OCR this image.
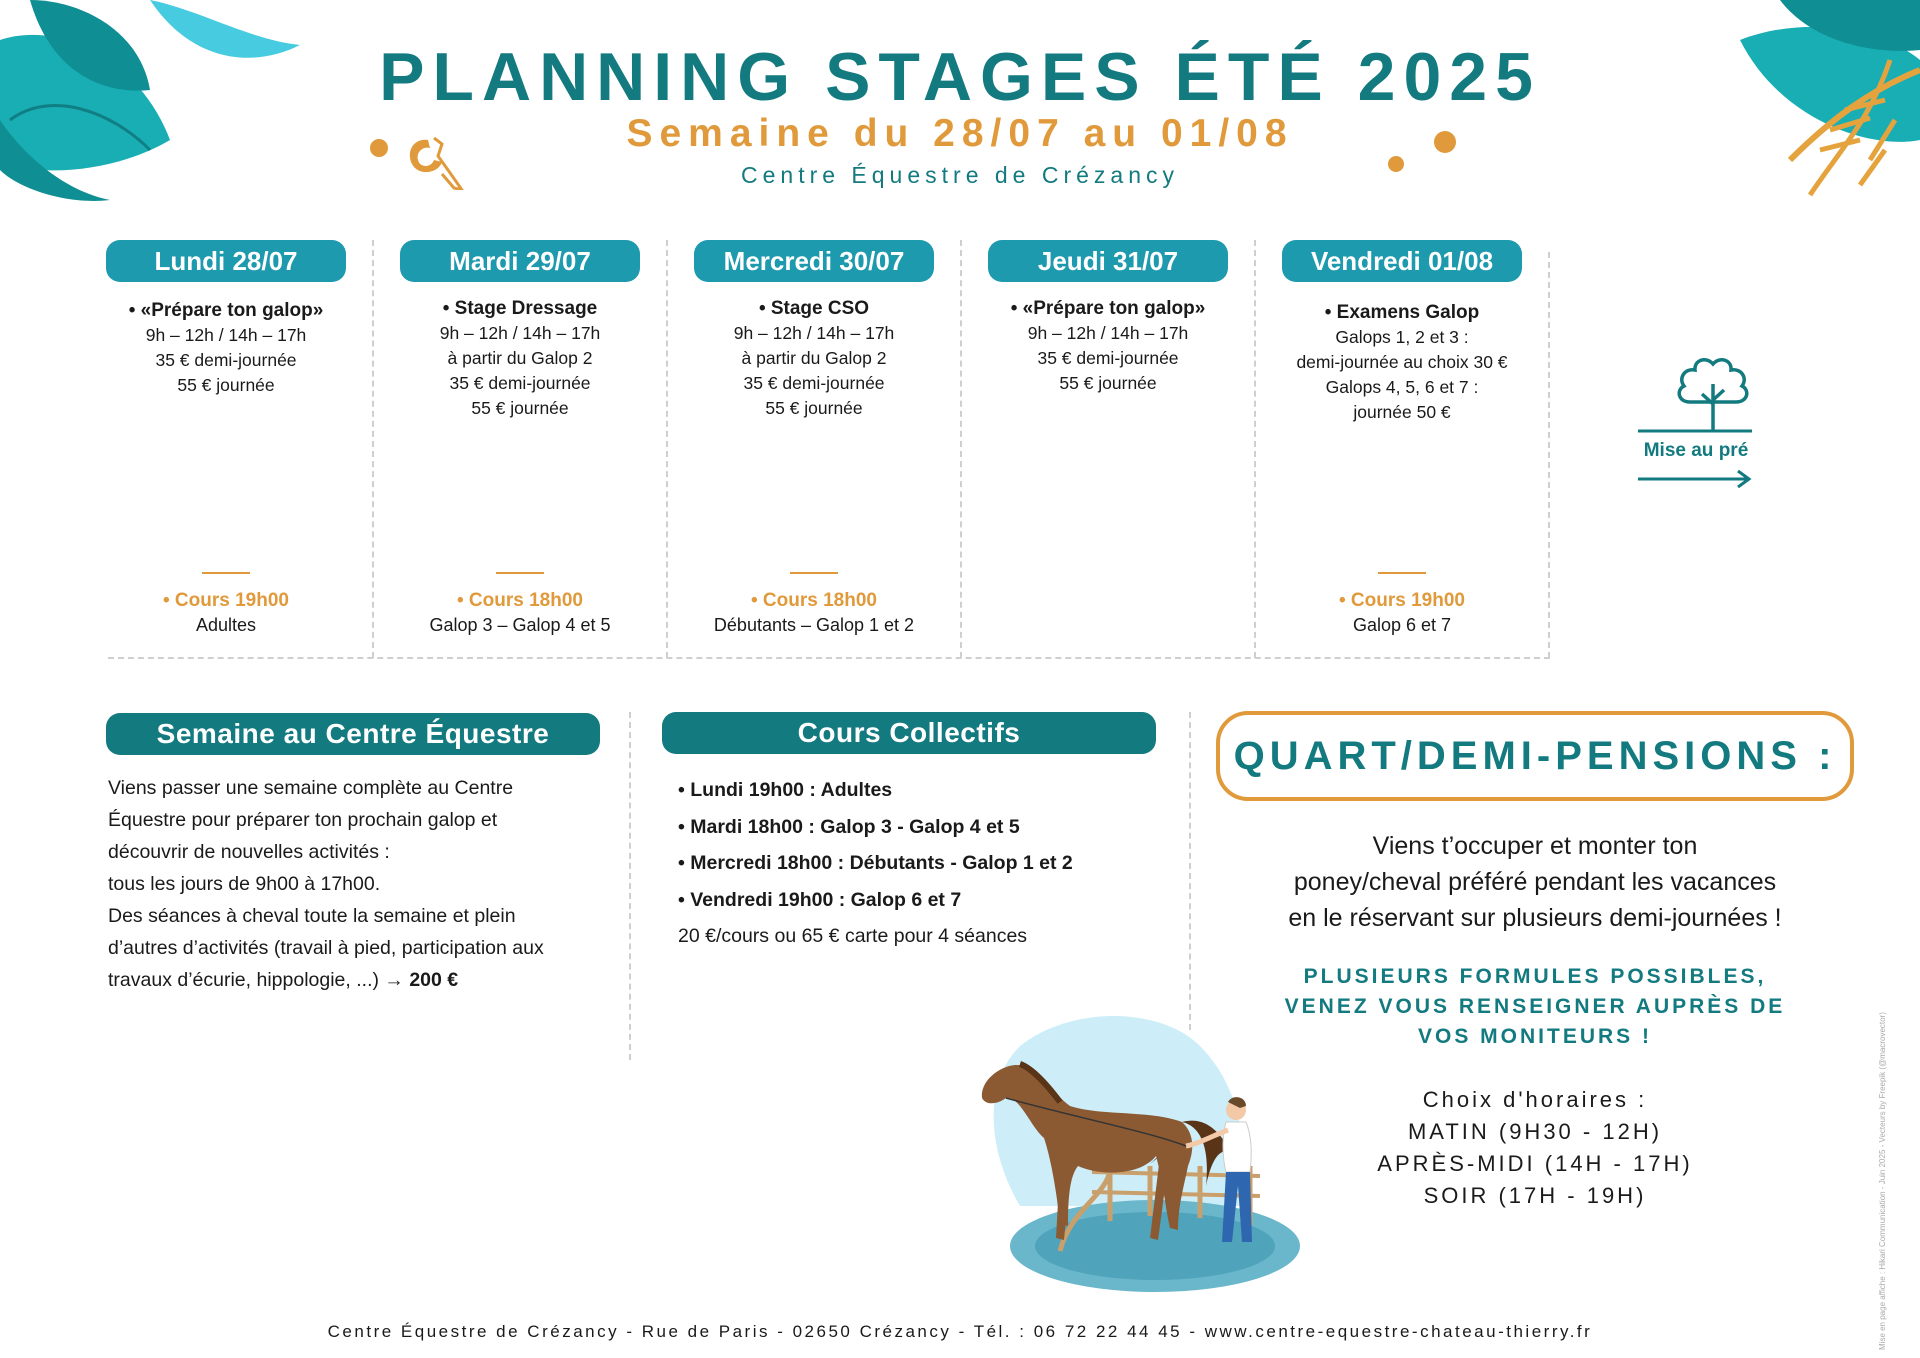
PLANNING STAGES ÉTÉ 2025
Semaine du 28/07 au 01/08
Centre Équestre de Crézancy
Lundi 28/07
• «Prépare ton galop»
9h – 12h / 14h – 17h
35 € demi-journée
55 € journée
• Cours 19h00
Adultes
Mardi 29/07
• Stage Dressage
9h – 12h / 14h – 17h
à partir du Galop 2
35 € demi-journée
55 € journée
• Cours 18h00
Galop 3 – Galop 4 et 5
Mercredi 30/07
• Stage CSO
9h – 12h / 14h – 17h
à partir du Galop 2
35 € demi-journée
55 € journée
• Cours 18h00
Débutants – Galop 1 et 2
Jeudi 31/07
• «Prépare ton galop»
9h – 12h / 14h – 17h
35 € demi-journée
55 € journée
Vendredi 01/08
• Examens Galop
Galops 1, 2 et 3 :
demi-journée au choix 30 €
Galops 4, 5, 6 et 7 :
journée 50 €
• Cours 19h00
Galop 6 et 7
Mise au pré
Semaine au Centre Équestre
Viens passer une semaine complète au Centre
Équestre pour préparer ton prochain galop et
découvrir de nouvelles activités :
tous les jours de 9h00 à 17h00.
Des séances à cheval toute la semaine et plein
d’autres d’activités (travail à pied, participation aux
travaux d’écurie, hippologie, ...) → 200 €
Cours Collectifs
• Lundi 19h00 : Adultes
• Mardi 18h00 : Galop 3 - Galop 4 et 5
• Mercredi 18h00 : Débutants - Galop 1 et 2
• Vendredi 19h00 : Galop 6 et 7
20 €/cours ou 65 € carte pour 4 séances
QUART/DEMI-PENSIONS :
Viens t’occuper et monter ton
poney/cheval préféré pendant les vacances
en le réservant sur plusieurs demi-journées !
PLUSIEURS FORMULES POSSIBLES,
VENEZ VOUS RENSEIGNER AUPRÈS DE
VOS MONITEURS !
Choix d'horaires :
MATIN (9H30 - 12H)
APRÈS-MIDI (14H - 17H)
SOIR (17H - 19H)	Mise en page affiche : Hikari Communication - Juin 2025 - Vecteurs by Freepik (@macrovector)
Centre Équestre de Crézancy - Rue de Paris - 02650 Crézancy - Tél. : 06 72 22 44 45 - www.centre-equestre-chateau-thierry.fr
